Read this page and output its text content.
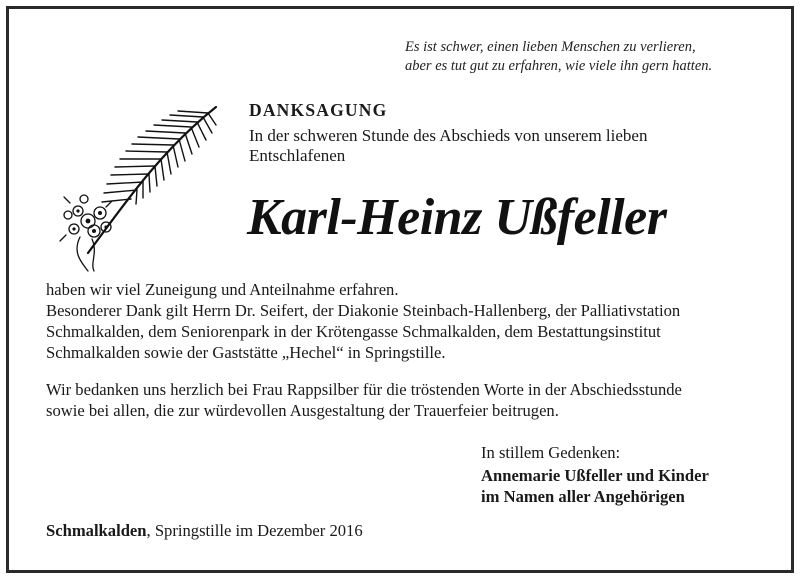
Es ist schwer, einen lieben Menschen zu verlieren,
aber es tut gut zu erfahren, wie viele ihn gern hatten.
DANKSAGUNG
In der schweren Stunde des Abschieds von unserem lieben
Entschlafenen
Karl-Heinz Ußfeller
haben wir viel Zuneigung und Anteilnahme erfahren.
Besonderer Dank gilt Herrn Dr. Seifert, der Diakonie Steinbach-Hallenberg, der Palliativstation
Schmalkalden, dem Seniorenpark in der Krötengasse Schmalkalden, dem Bestattungsinstitut
Schmalkalden sowie der Gaststätte „Hechel“ in Springstille.
Wir bedanken uns herzlich bei Frau Rappsilber für die tröstenden Worte in der Abschiedsstunde
sowie bei allen, die zur würdevollen Ausgestaltung der Trauerfeier beitrugen.
In stillem Gedenken:
Annemarie Ußfeller und Kinder
im Namen aller Angehörigen
Schmalkalden, Springstille im Dezember 2016
